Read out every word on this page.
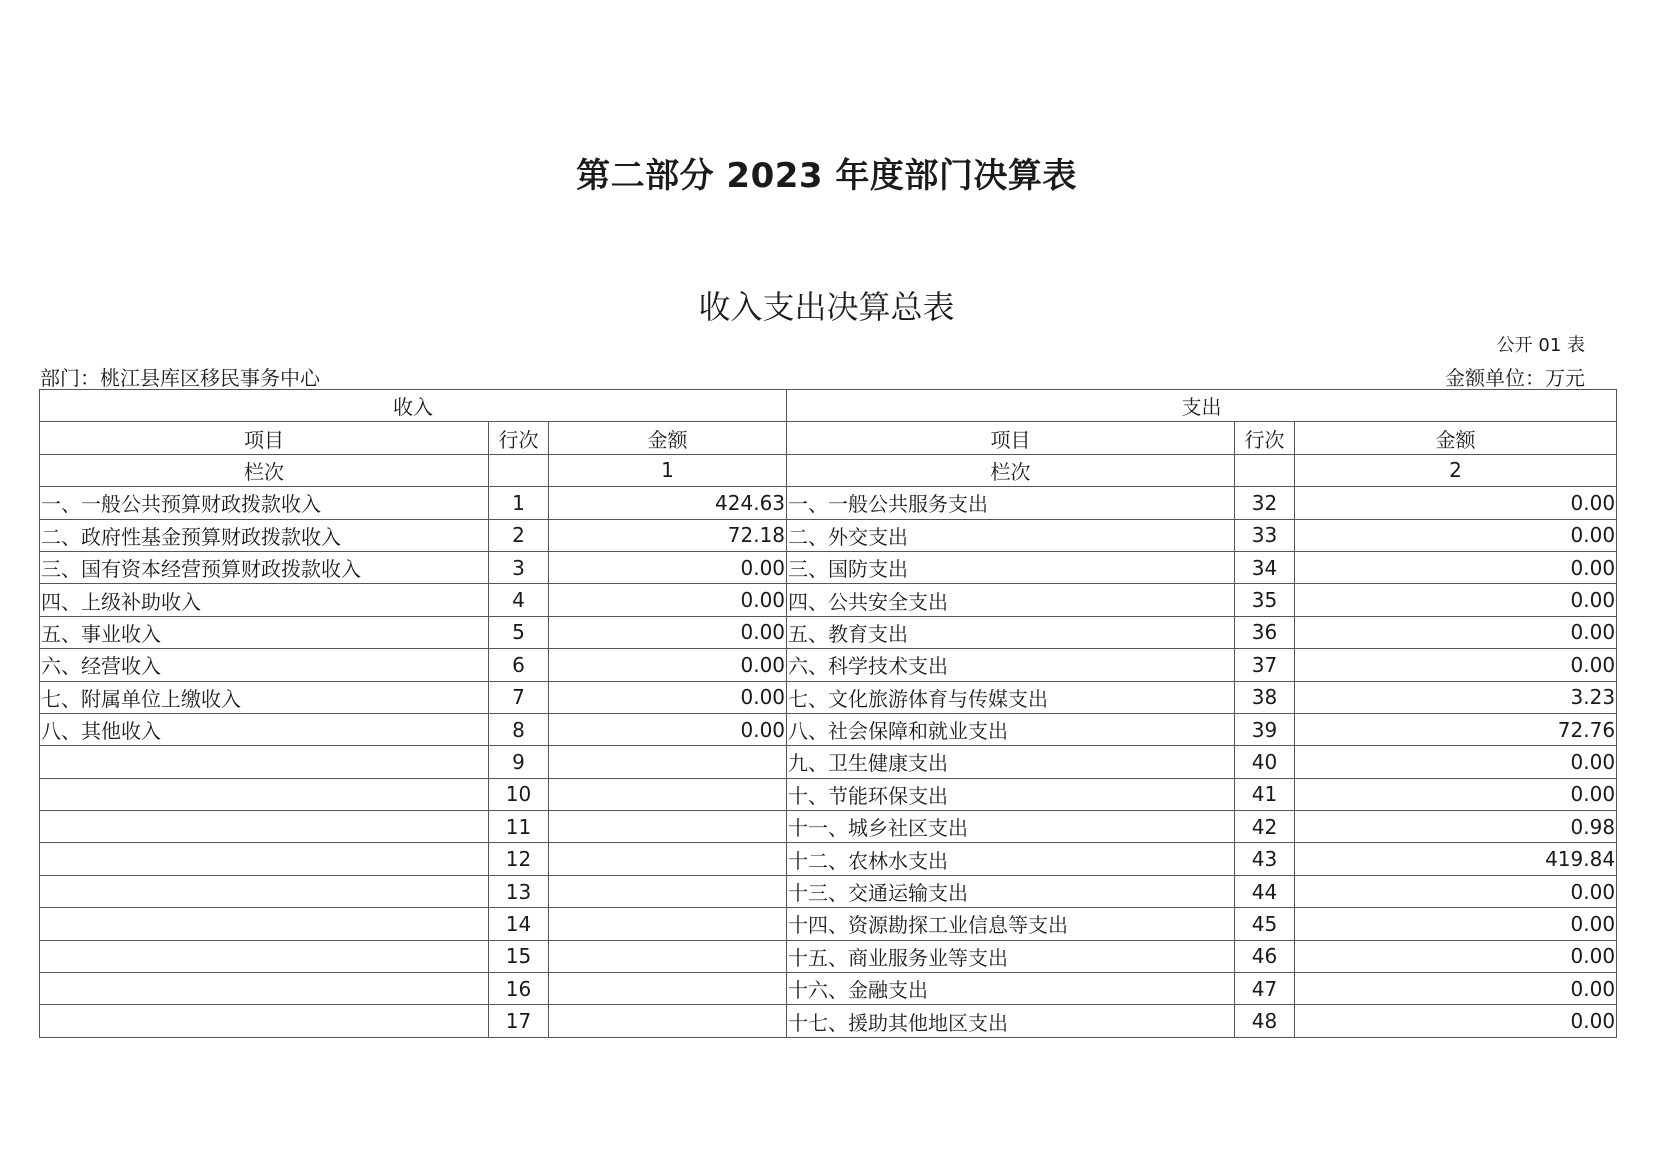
第二部分 2023 年度部门决算表
收入支出决算总表
公开 01 表
部门：桃江县库区移民事务中心	金额单位：万元
收入			支出		
项目	行次	金额	项目	行次	金额
栏次		1	栏次		2
一、一般公共预算财政拨款收入	1	424.63	一、一般公共服务支出	32	0.00
二、政府性基金预算财政拨款收入	2	72.18	二、外交支出	33	0.00
三、国有资本经营预算财政拨款收入	3	0.00	三、国防支出	34	0.00
四、上级补助收入	4	0.00	四、公共安全支出	35	0.00
五、事业收入	5	0.00	五、教育支出	36	0.00
六、经营收入	6	0.00	六、科学技术支出	37	0.00
七、附属单位上缴收入	7	0.00	七、文化旅游体育与传媒支出	38	3.23
八、其他收入	8	0.00	八、社会保障和就业支出	39	72.76
	9		九、卫生健康支出	40	0.00
	10		十、节能环保支出	41	0.00
	11		十一、城乡社区支出	42	0.98
	12		十二、农林水支出	43	419.84
	13		十三、交通运输支出	44	0.00
	14		十四、资源勘探工业信息等支出	45	0.00
	15		十五、商业服务业等支出	46	0.00
	16		十六、金融支出	47	0.00
	17		十七、援助其他地区支出	48	0.00
